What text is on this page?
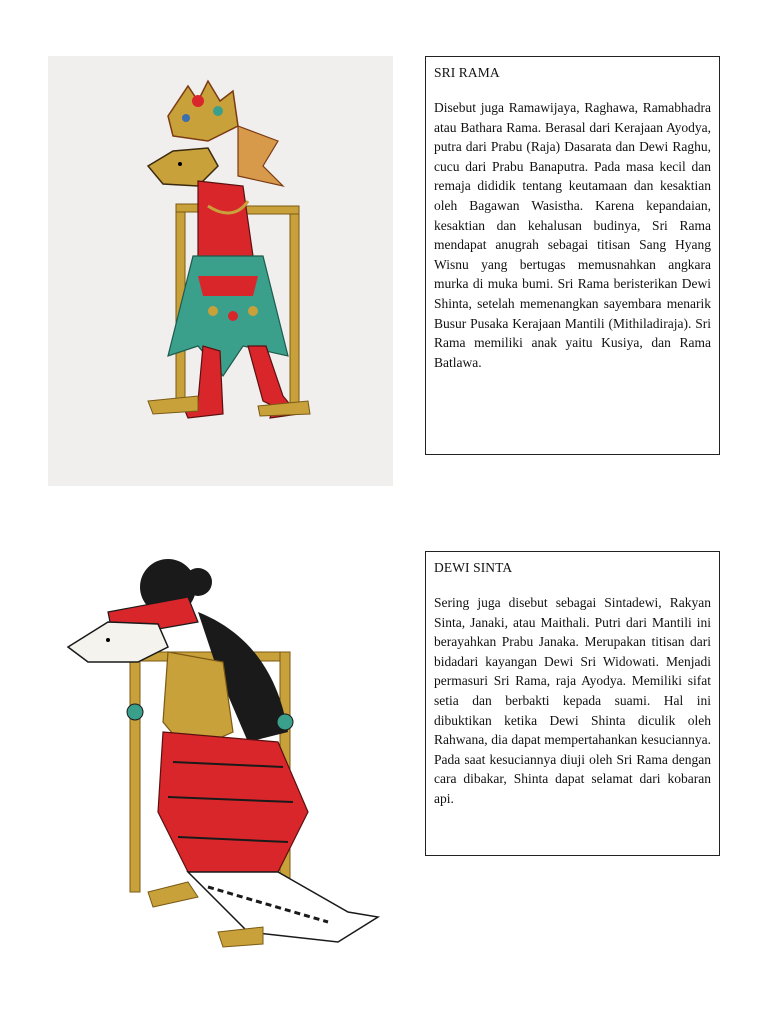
SRI RAMA

Disebut juga Ramawijaya, Raghawa, Ramabhadra atau Bathara Rama. Berasal dari Kerajaan Ayodya, putra dari Prabu (Raja) Dasarata dan Dewi Raghu, cucu dari Prabu Banaputra. Pada masa kecil dan remaja dididik tentang keutamaan dan kesaktian oleh Bagawan Wasistha. Karena kepandaian, kesaktian dan kehalusan budinya, Sri Rama mendapat anugrah sebagai titisan Sang Hyang Wisnu yang bertugas memusnahkan angkara murka di muka bumi. Sri Rama beristerikan Dewi Shinta, setelah memenangkan sayembara menarik Busur Pusaka Kerajaan Mantili (Mithiladiraja). Sri Rama memiliki anak yaitu Kusiya, dan Rama Batlawa.

DEWI SINTA

Sering juga disebut sebagai Sintadewi, Rakyan Sinta, Janaki, atau Maithali. Putri dari Mantili ini berayahkan Prabu Janaka. Merupakan titisan dari bidadari kayangan Dewi Sri Widowati. Menjadi permasuri Sri Rama, raja Ayodya. Memiliki sifat setia dan berbakti kepada suami. Hal ini dibuktikan ketika Dewi Shinta diculik oleh Rahwana, dia dapat mempertahankan kesuciannya. Pada saat kesuciannya diuji oleh Sri Rama dengan cara dibakar, Shinta dapat selamat dari kobaran api.
